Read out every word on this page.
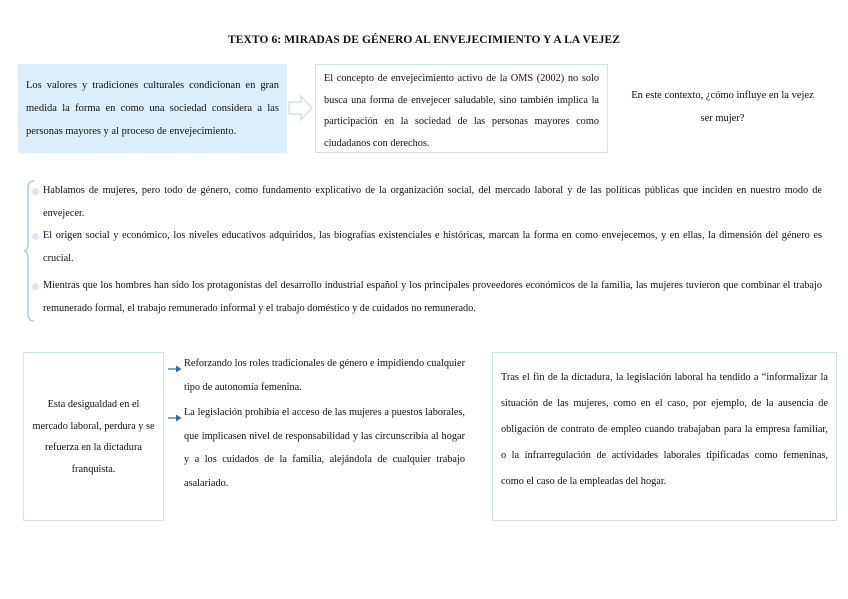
TEXTO 6: MIRADAS DE GÉNERO AL ENVEJECIMIENTO Y A LA VEJEZ
Los valores y tradiciones culturales condicionan en gran medida la forma en como una sociedad considera a las personas mayores y al proceso de envejecimiento.
El concepto de envejecimiento activo de la OMS (2002) no solo busca una forma de envejecer saludable, sino también implica la participación en la sociedad de las personas mayores como ciudadanos con derechos.
En este contexto, ¿cómo influye en la vejez ser mujer?
Hablamos de mujeres, pero todo de género, como fundamento explicativo de la organización social, del mercado laboral y de las políticas públicas que inciden en nuestro modo de envejecer.
El origen social y económico, los niveles educativos adquiridos, las biografías existenciales e históricas, marcan la forma en como envejecemos, y en ellas, la dimensión del género es crucial.
Mientras que los hombres han sido los protagonistas del desarrollo industrial español y los principales proveedores económicos de la familia, las mujeres tuvieron que combinar el trabajo remunerado formal, el trabajo remunerado informal y el trabajo doméstico y de cuidados no remunerado.
Esta desigualdad en el mercado laboral, perdura y se refuerza en la dictadura franquista.
Reforzando los roles tradicionales de género e impidiendo cualquier tipo de autonomía femenina.
La legislación prohibía el acceso de las mujeres a puestos laborales, que implicasen nivel de responsabilidad y las circunscribía al hogar y a los cuidados de la familia, alejándola de cualquier trabajo asalariado.
Tras el fin de la dictadura, la legislación laboral ha tendido a “informalizar la situación de las mujeres, como en el caso, por ejemplo, de la ausencia de obligación de contrato de empleo cuando trabajaban para la empresa familiar, o la infrarregulación de actividades laborales tipificadas como femeninas, como el caso de la empleadas del hogar.
